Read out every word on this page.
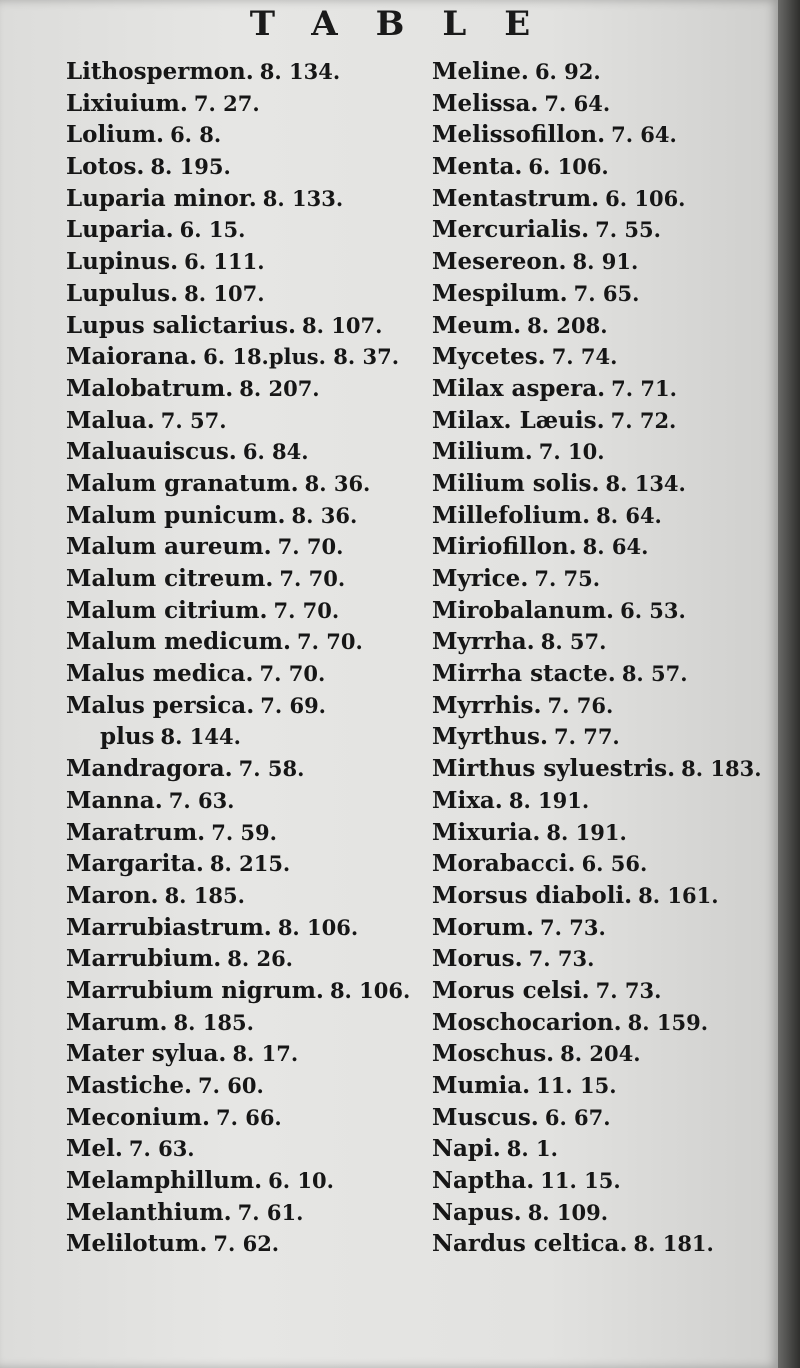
TABLE
Lithospermon. 8. 134.
Lixiuium. 7. 27.
Lolium. 6. 8.
Lotos. 8. 195.
Luparia minor. 8. 133.
Luparia. 6. 15.
Lupinus. 6. 111.
Lupulus. 8. 107.
Lupus salictarius. 8. 107.
Maiorana. 6. 18.plus. 8. 37.
Malobatrum. 8. 207.
Malua. 7. 57.
Maluauiscus. 6. 84.
Malum granatum. 8. 36.
Malum punicum. 8. 36.
Malum aureum. 7. 70.
Malum citreum. 7. 70.
Malum citrium. 7. 70.
Malum medicum. 7. 70.
Malus medica. 7. 70.
Malus persica. 7. 69.
plus 8. 144.
Mandragora. 7. 58.
Manna. 7. 63.
Maratrum. 7. 59.
Margarita. 8. 215.
Maron. 8. 185.
Marrubiastrum. 8. 106.
Marrubium. 8. 26.
Marrubium nigrum. 8. 106.
Marum. 8. 185.
Mater sylua. 8. 17.
Mastiche. 7. 60.
Meconium. 7. 66.
Mel. 7. 63.
Melamphillum. 6. 10.
Melanthium. 7. 61.
Melilotum. 7. 62.
Meline. 6. 92.
Melissa. 7. 64.
Melissofillon. 7. 64.
Menta. 6. 106.
Mentastrum. 6. 106.
Mercurialis. 7. 55.
Mesereon. 8. 91.
Mespilum. 7. 65.
Meum. 8. 208.
Mycetes. 7. 74.
Milax aspera. 7. 71.
Milax. Læuis. 7. 72.
Milium. 7. 10.
Milium solis. 8. 134.
Millefolium. 8. 64.
Miriofillon. 8. 64.
Myrice. 7. 75.
Mirobalanum. 6. 53.
Myrrha. 8. 57.
Mirrha stacte. 8. 57.
Myrrhis. 7. 76.
Myrthus. 7. 77.
Mirthus syluestris. 8. 183.
Mixa. 8. 191.
Mixuria. 8. 191.
Morabacci. 6. 56.
Morsus diaboli. 8. 161.
Morum. 7. 73.
Morus. 7. 73.
Morus celsi. 7. 73.
Moschocarion. 8. 159.
Moschus. 8. 204.
Mumia. 11. 15.
Muscus. 6. 67.
Napi. 8. 1.
Naptha. 11. 15.
Napus. 8. 109.
Nardus celtica. 8. 181.
